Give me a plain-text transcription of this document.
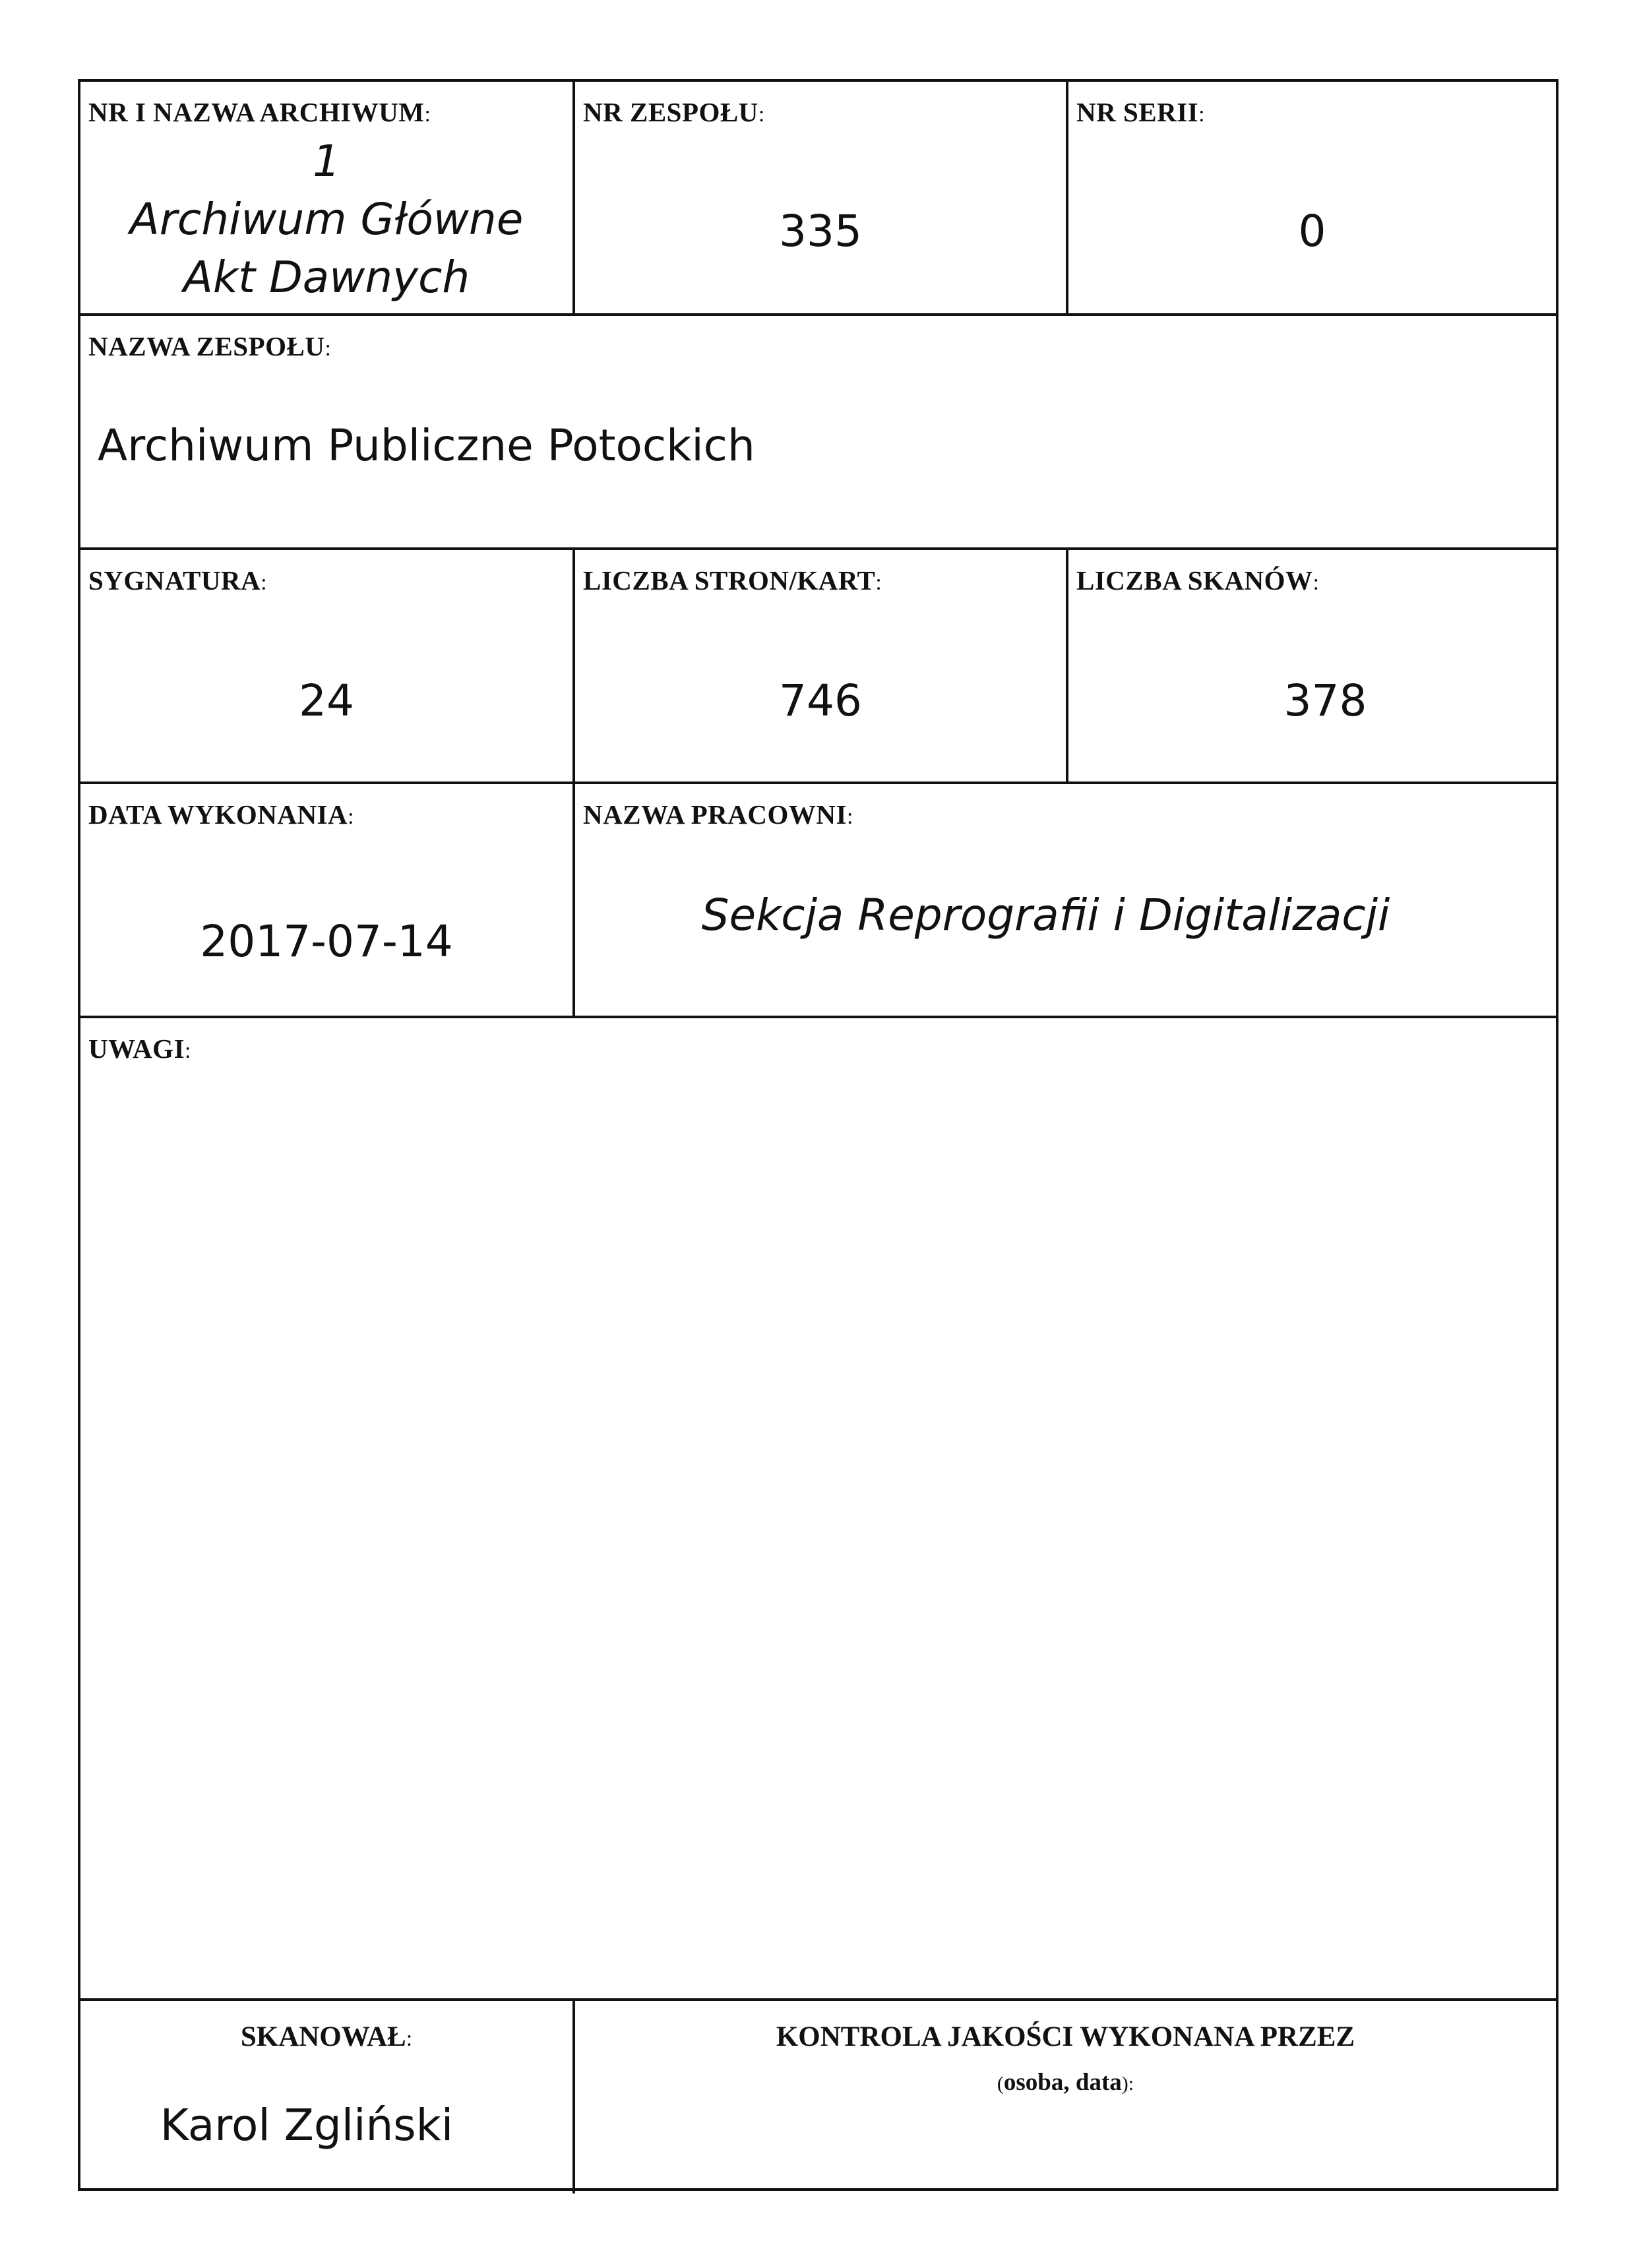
NR I NAZWA ARCHIWUM:
1
Archiwum Główne
Akt Dawnych
NR ZESPOŁU:
335
NR SERII:
0
NAZWA ZESPOŁU:
Archiwum Publiczne Potockich
SYGNATURA:
24
LICZBA STRON/KART:
746
LICZBA SKANÓW:
378
DATA WYKONANIA:
2017-07-14
NAZWA PRACOWNI:
Sekcja Reprografii i Digitalizacji
UWAGI:
SKANOWAŁ:
Karol Zgliński
KONTROLA JAKOŚCI WYKONANA PRZEZ
(osoba, data):
